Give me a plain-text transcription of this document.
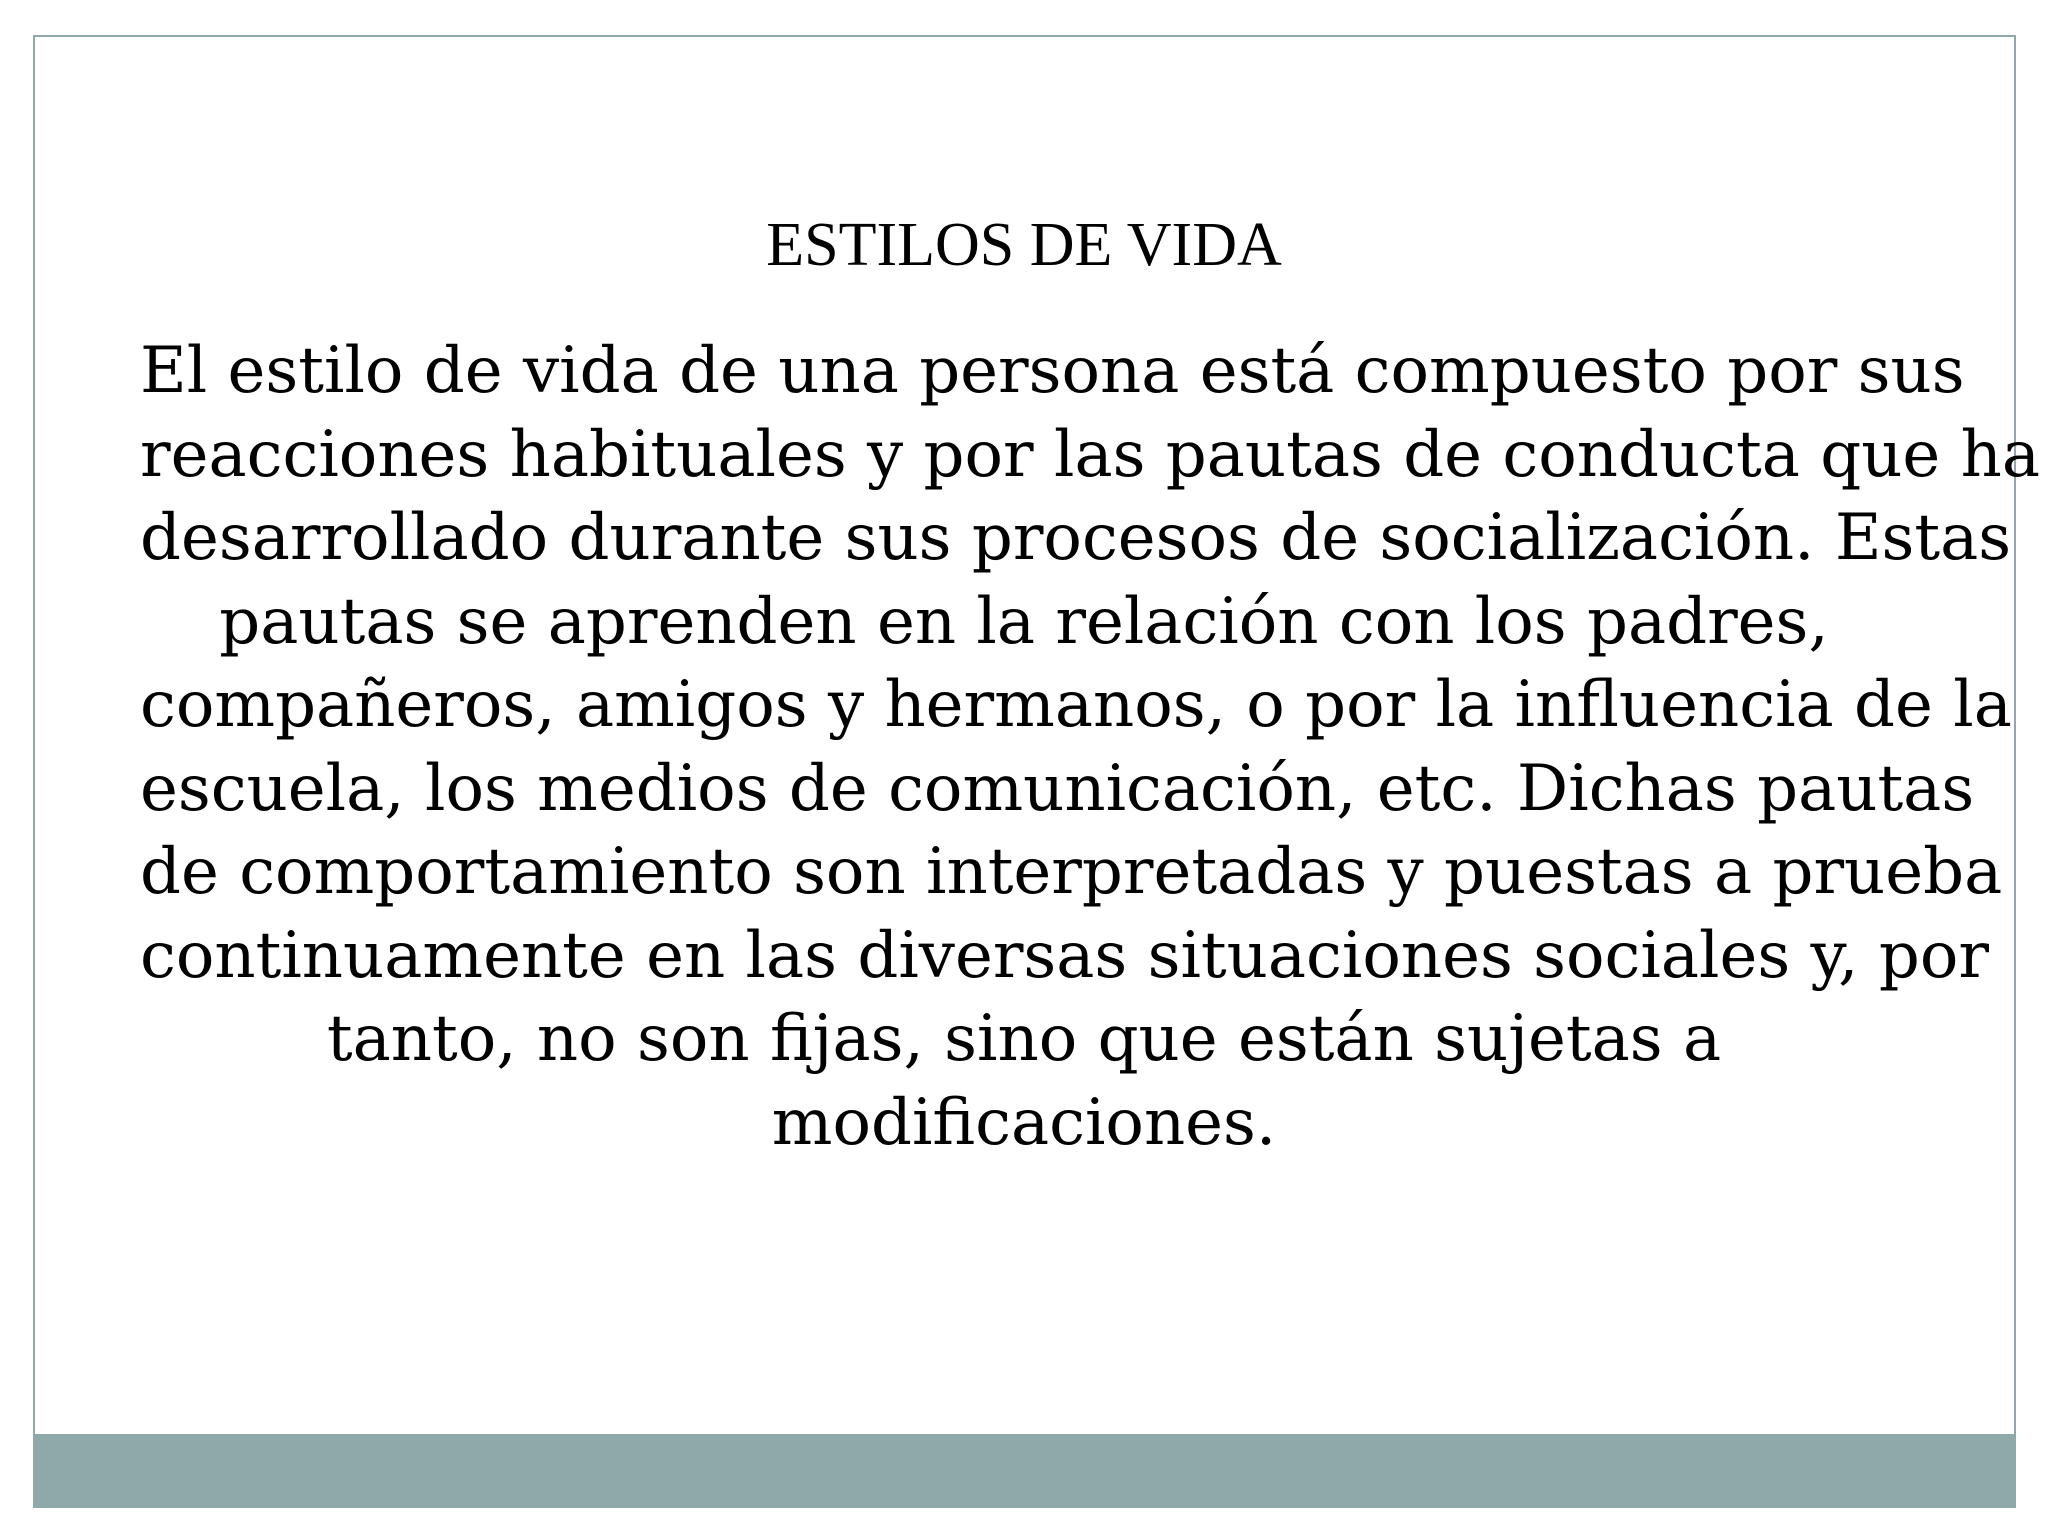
ESTILOS DE VIDA
El estilo de vida de una persona está compuesto por sus
reacciones habituales y por las pautas de conducta que ha
desarrollado durante sus procesos de socialización. Estas
pautas se aprenden en la relación con los padres,
compañeros, amigos y hermanos, o por la influencia de la
escuela, los medios de comunicación, etc. Dichas pautas
de comportamiento son interpretadas y puestas a prueba
continuamente en las diversas situaciones sociales y, por
tanto, no son fijas, sino que están sujetas a
modificaciones.
